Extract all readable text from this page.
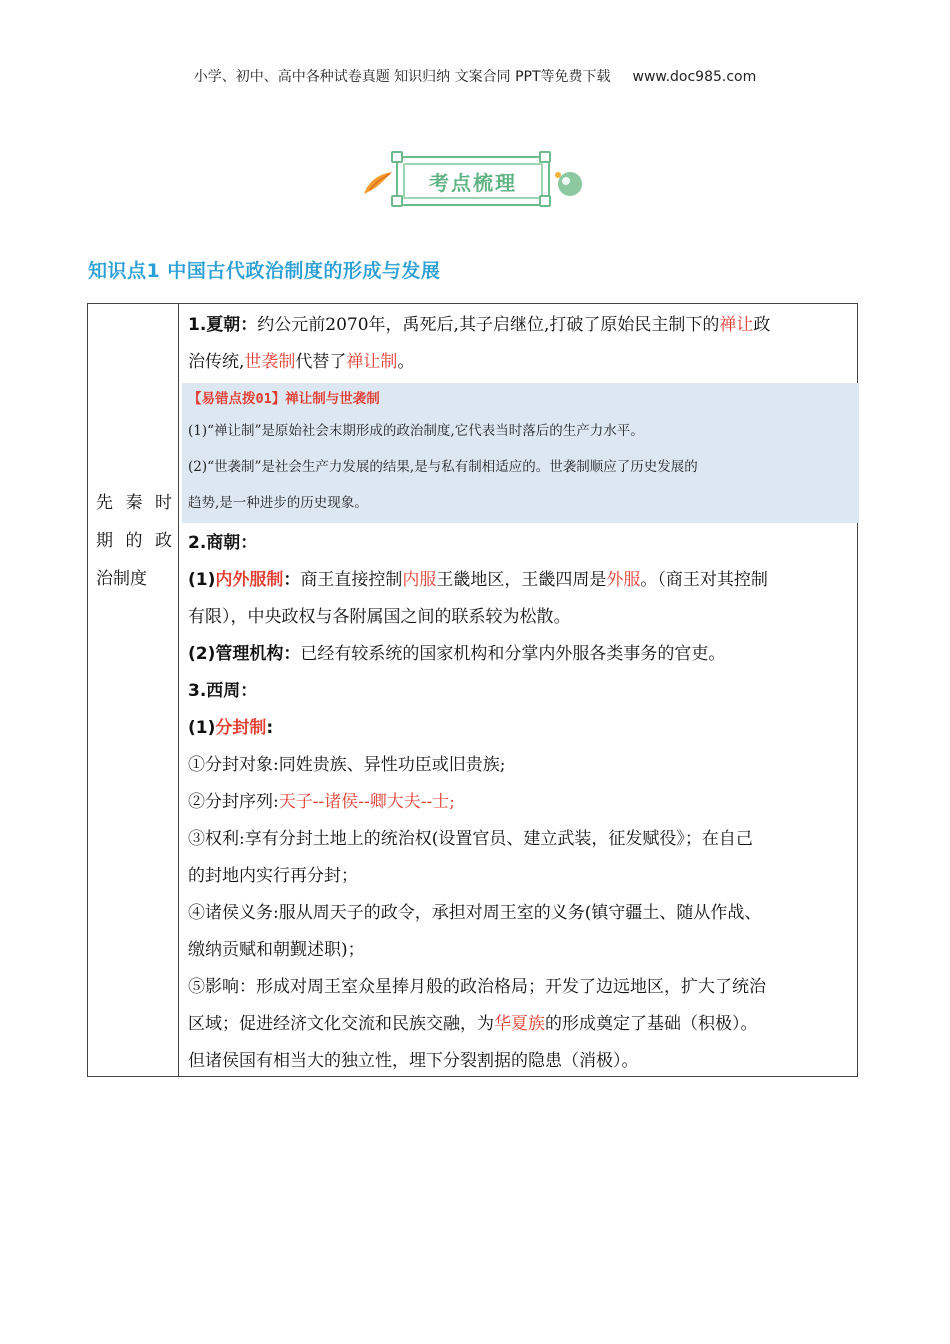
小学、初中、高中各种试卷真题 知识归纳 文案合同 PPT等免费下载 www.doc985.com
考点梳理
知识点1 中国古代政治制度的形成与发展
先秦时
期的政
治制度
1.夏朝：约公元前2070年，禹死后,其子启继位,打破了原始民主制下的禅让政
治传统,世袭制代替了禅让制。
【易错点拨01】禅让制与世袭制
(1)“禅让制”是原始社会末期形成的政治制度,它代表当时落后的生产力水平。
(2)“世袭制”是社会生产力发展的结果,是与私有制相适应的。世袭制顺应了历史发展的
趋势,是一种进步的历史现象。
2.商朝：
(1)内外服制：商王直接控制内服王畿地区，王畿四周是外服。（商王对其控制
有限），中央政权与各附属国之间的联系较为松散。
(2)管理机构：已经有较系统的国家机构和分掌内外服各类事务的官吏。
3.西周：
(1)分封制:
①分封对象:同姓贵族、异性功臣或旧贵族;
②分封序列:天子--诸侯--卿大夫--士;
③权利:享有分封土地上的统治权(设置官员、建立武装，征发赋役》；在自己
的封地内实行再分封；
④诸侯义务:服从周天子的政令，承担对周王室的义务(镇守疆土、随从作战、
缴纳贡赋和朝觐述职)；
⑤影响：形成对周王室众星捧月般的政治格局；开发了边远地区，扩大了统治
区域；促进经济文化交流和民族交融，为华夏族的形成奠定了基础（积极）。
但诸侯国有相当大的独立性，埋下分裂割据的隐患（消极）。
